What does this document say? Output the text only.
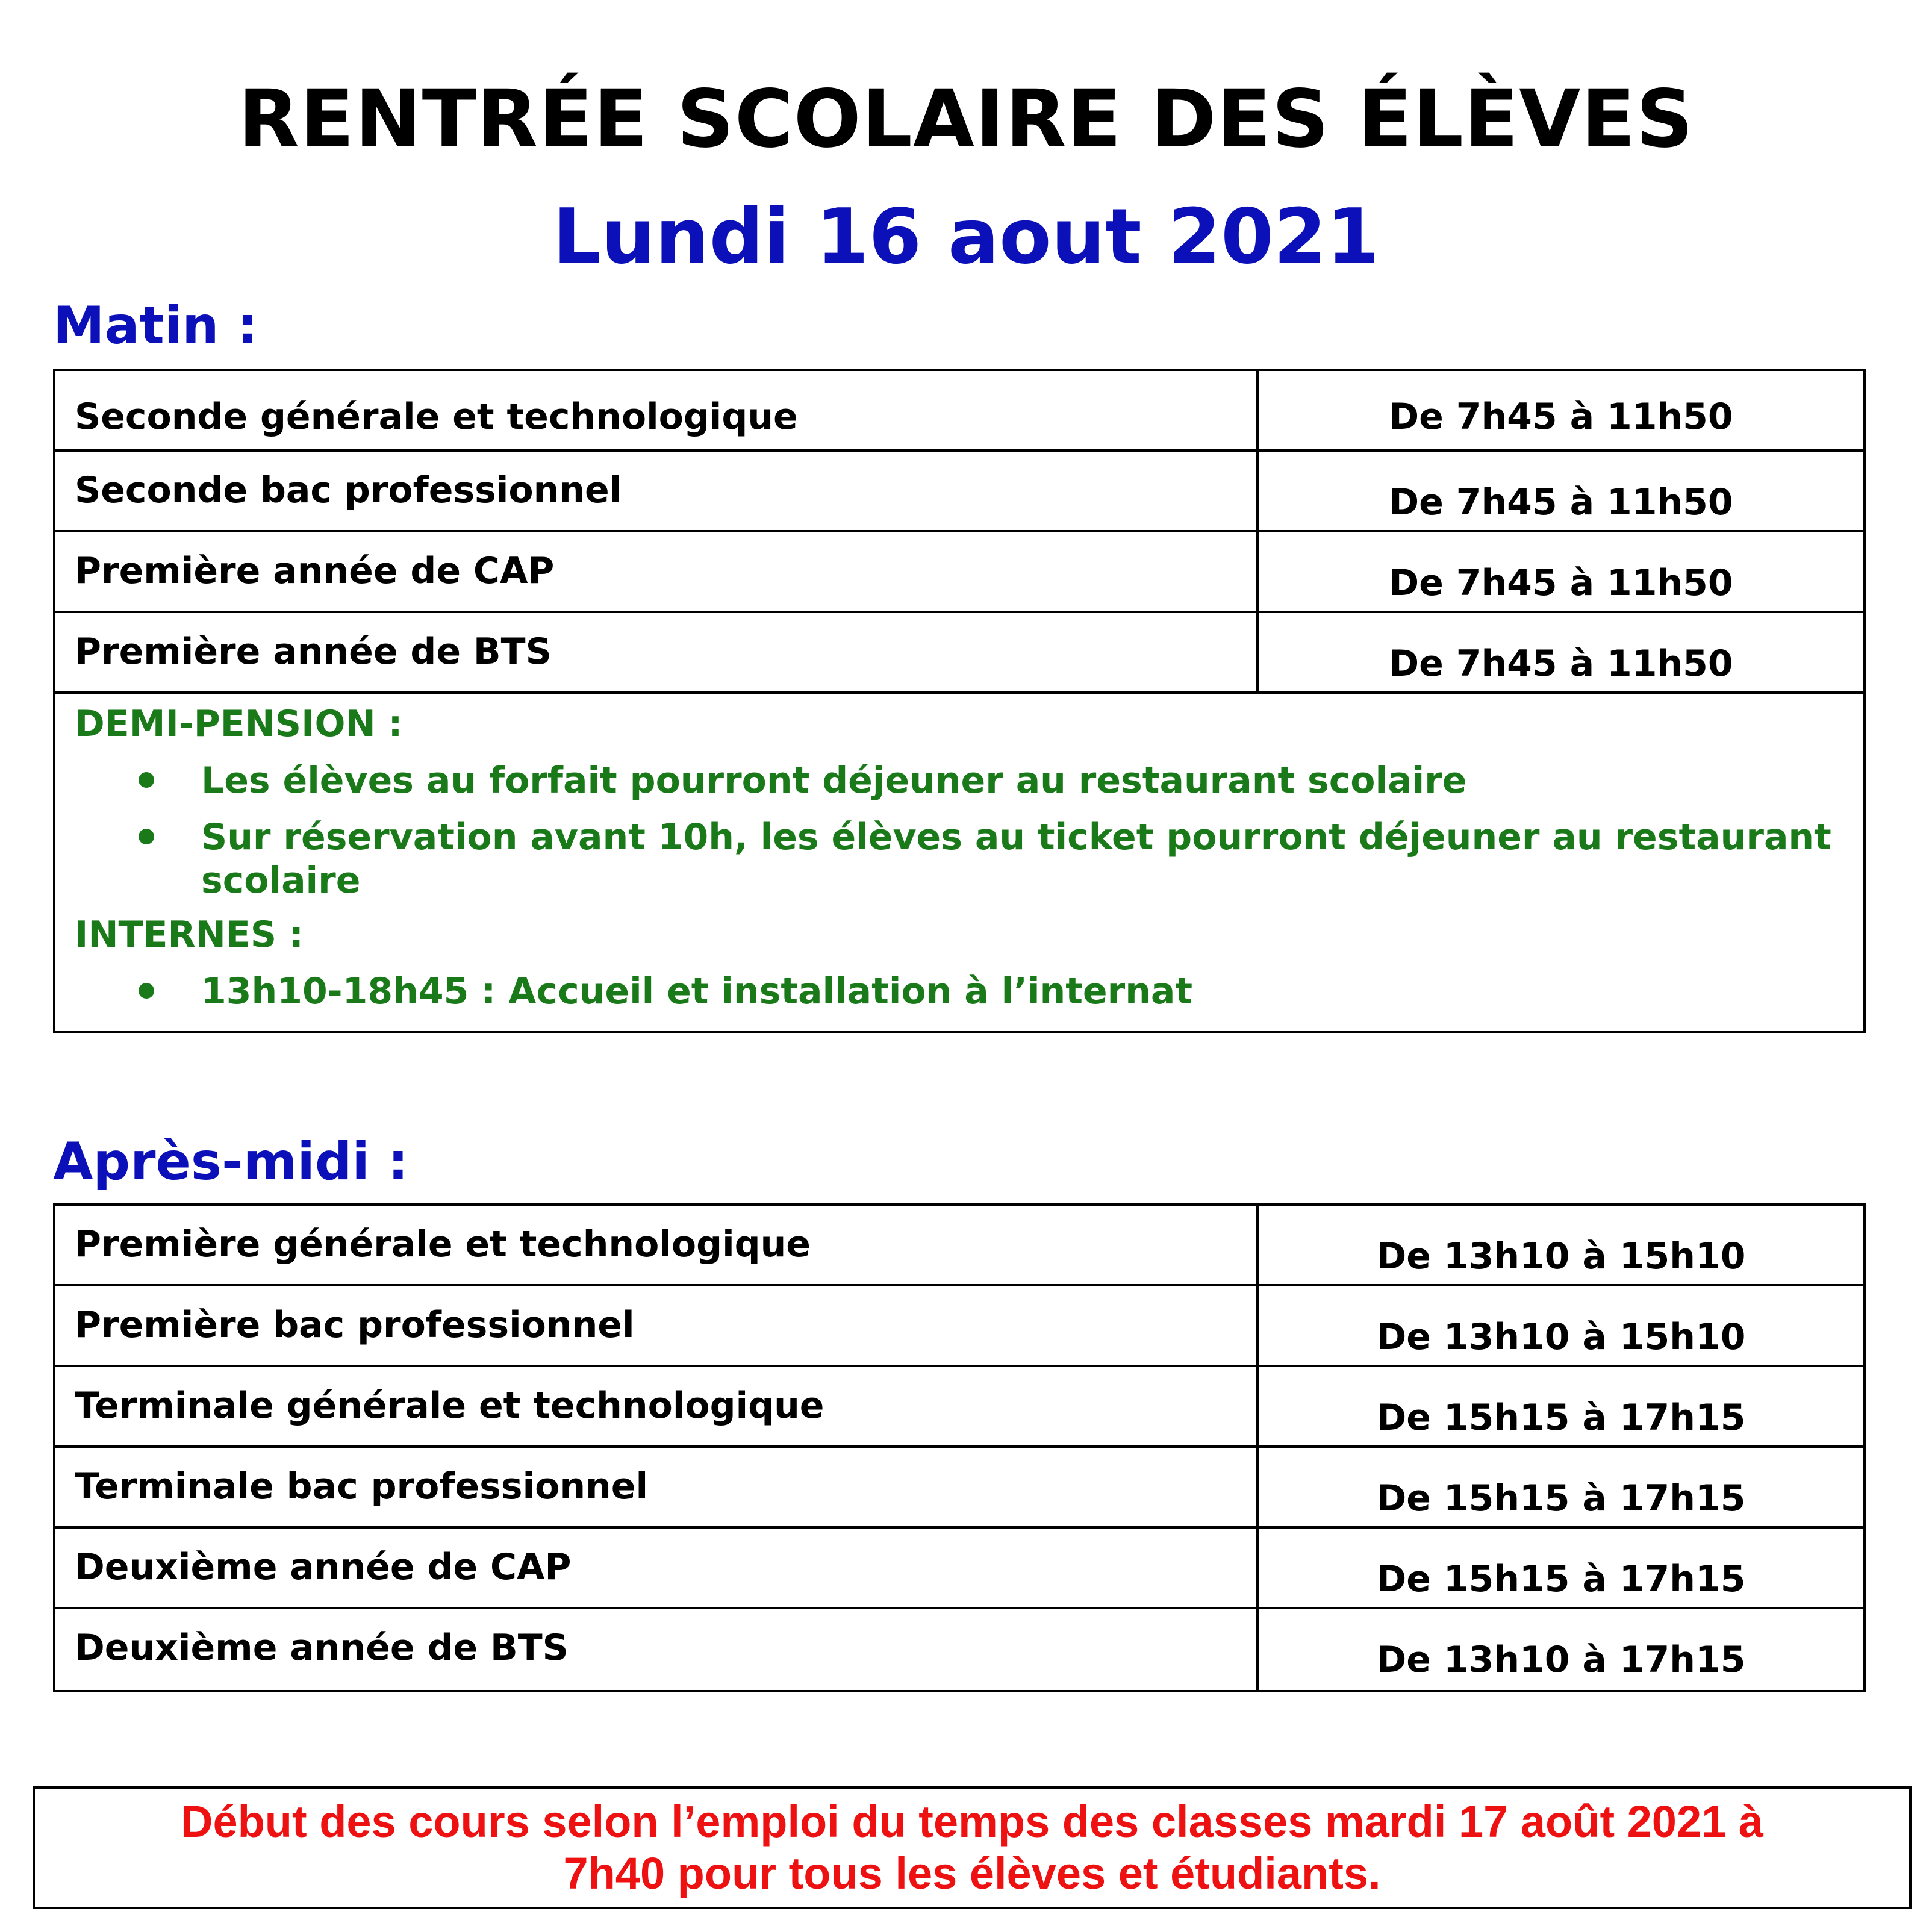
RENTRÉE SCOLAIRE DES ÉLÈVES
Lundi 16 aout 2021
Matin :
Seconde générale et technologique	De 7h45 à 11h50
Seconde bac professionnel	De 7h45 à 11h50
Première année de CAP	De 7h45 à 11h50
Première année de BTS	De 7h45 à 11h50
DEMI-PENSION :
Les élèves au forfait pourront déjeuner au restaurant scolaire
Sur réservation avant 10h, les élèves au ticket pourront déjeuner au restaurant scolaire
INTERNES :
13h10-18h45 : Accueil et installation à l’internat
Après-midi :
Première générale et technologique	De 13h10 à 15h10
Première bac professionnel	De 13h10 à 15h10
Terminale générale et technologique	De 15h15 à 17h15
Terminale bac professionnel	De 15h15 à 17h15
Deuxième année de CAP	De 15h15 à 17h15
Deuxième année de BTS	De 13h10 à 17h15
Début des cours selon l’emploi du temps des classes mardi 17 août 2021 à
7h40 pour tous les élèves et étudiants.
